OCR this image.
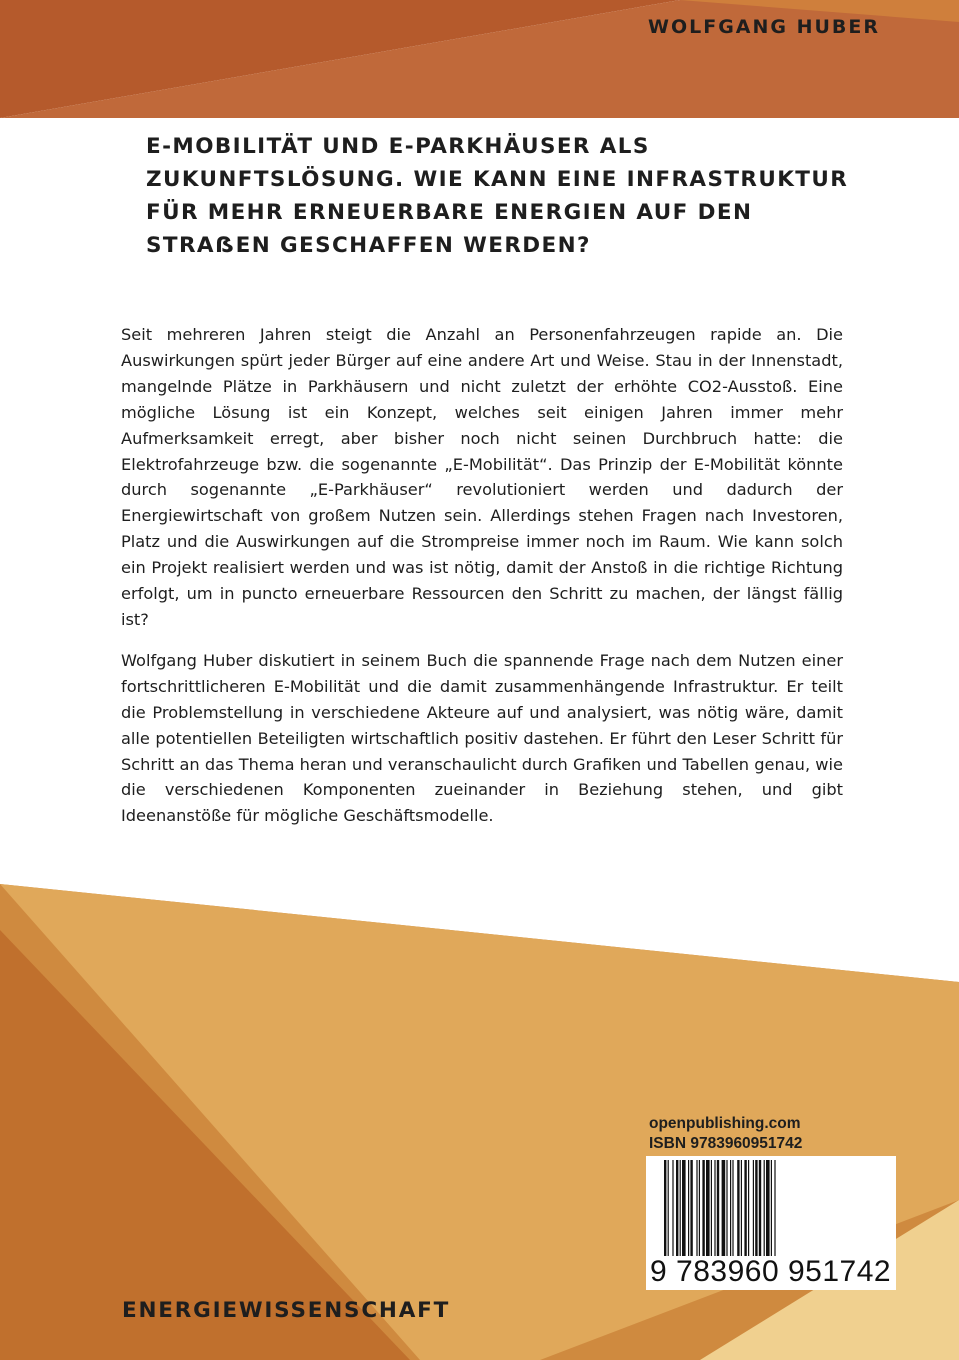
WOLFGANG HUBER
E-MOBILITÄT UND E-PARKHÄUSER ALS
ZUKUNFTSLÖSUNG. WIE KANN EINE INFRASTRUKTUR
FÜR MEHR ERNEUERBARE ENERGIEN AUF DEN
STRAẞEN GESCHAFFEN WERDEN?

Seit mehreren Jahren steigt die Anzahl an Personenfahrzeugen rapide an. Die Auswirkungen spürt jeder Bürger auf eine andere Art und Weise. Stau in der Innenstadt, mangelnde Plätze in Parkhäusern und nicht zuletzt der erhöhte CO2-Ausstoß. Eine mögliche Lösung ist ein Konzept, welches seit einigen Jahren immer mehr Aufmerksamkeit erregt, aber bisher noch nicht seinen Durchbruch hatte: die Elektrofahrzeuge bzw. die sogenannte „E-Mobilität“. Das Prinzip der E-Mobilität könnte durch sogenannte „E-Parkhäuser“ revolutioniert werden und dadurch der Energiewirtschaft von großem Nutzen sein. Allerdings stehen Fragen nach Investoren, Platz und die Auswirkungen auf die Strompreise immer noch im Raum. Wie kann solch ein Projekt realisiert werden und was ist nötig, damit der Anstoß in die richtige Richtung erfolgt, um in puncto erneuerbare Ressourcen den Schritt zu machen, der längst fällig ist?

Wolfgang Huber diskutiert in seinem Buch die spannende Frage nach dem Nutzen einer fortschrittlicheren E-Mobilität und die damit zusammenhängende Infrastruktur. Er teilt die Problemstellung in verschiedene Akteure auf und analysiert, was nötig wäre, damit alle potentiellen Beteiligten wirtschaftlich positiv dastehen. Er führt den Leser Schritt für Schritt an das Thema heran und veranschaulicht durch Grafiken und Tabellen genau, wie die verschiedenen Komponenten zueinander in Beziehung stehen, und gibt Ideenanstöße für mögliche Geschäftsmodelle.

openpublishing.com
ISBN 9783960951742
9 783960 951742
ENERGIEWISSENSCHAFT
